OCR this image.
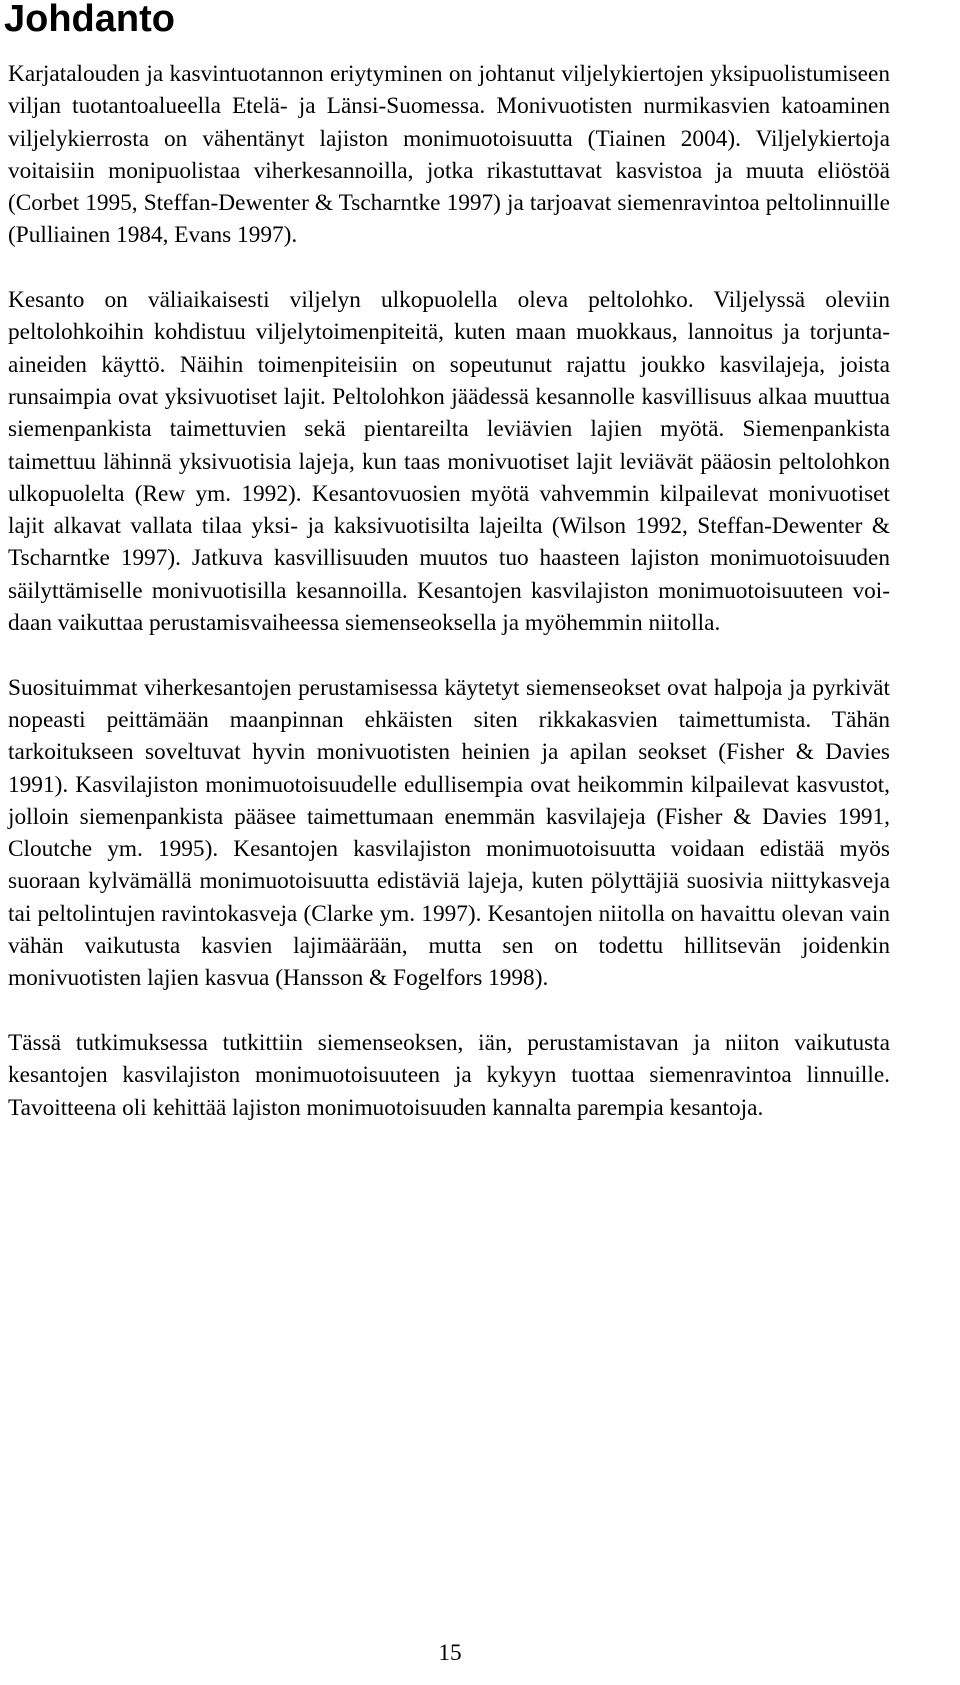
Johdanto

Karjatalouden ja kasvintuotannon eriytyminen on johtanut viljelykiertojen yksipuolistumiseen viljan tuotantoalueella Etelä- ja Länsi-Suomessa. Monivuotisten nurmikasvien katoaminen viljelykierrosta on vähentänyt lajiston monimuotoisuutta (Tiainen 2004). Viljelykiertoja voitaisiin monipuolistaa viherkesannoilla, jotka rikastuttavat kasvistoa ja muuta eliöstöä (Corbet 1995, Steffan-Dewenter & Tscharntke 1997) ja tarjoavat siemenravintoa peltolinnuille (Pulliainen 1984, Evans 1997).

Kesanto on väliaikaisesti viljelyn ulkopuolella oleva peltolohko. Viljelyssä oleviin peltolohkoihin kohdistuu viljelytoimenpiteitä, kuten maan muokkaus, lannoitus ja torjunta-aineiden käyttö. Näihin toimenpiteisiin on sopeutunut rajattu joukko kasvilajeja, joista runsaimpia ovat yksivuotiset lajit. Peltolohkon jäädessä kesannolle kasvillisuus alkaa muuttua siemenpankista taimettuvien sekä pientareilta leviävien lajien myötä. Siemenpankista taimettuu lähinnä yksivuotisia lajeja, kun taas monivuotiset lajit leviävät pääosin peltolohkon ulkopuolelta (Rew ym. 1992). Kesantovuosien myötä vahvemmin kilpailevat monivuotiset lajit alkavat vallata tilaa yksi- ja kaksivuotisilta lajeilta (Wilson 1992, Steffan-Dewenter & Tscharntke 1997). Jatkuva kasvillisuuden muutos tuo haasteen lajiston monimuotoisuuden säilyttämiselle monivuotisilla kesannoilla. Kesantojen kasvilajiston monimuotoisuuteen voidaan vaikuttaa perustamisvaiheessa siemenseoksella ja myöhemmin niitolla.

Suosituimmat viherkesantojen perustamisessa käytetyt siemenseokset ovat halpoja ja pyrkivät nopeasti peittämään maanpinnan ehkäisten siten rikkakasvien taimettumista. Tähän tarkoitukseen soveltuvat hyvin monivuotisten heinien ja apilan seokset (Fisher & Davies 1991). Kasvilajiston monimuotoisuudelle edullisempia ovat heikommin kilpailevat kasvustot, jolloin siemenpankista pääsee taimettumaan enemmän kasvilajeja (Fisher & Davies 1991, Cloutche ym. 1995). Kesantojen kasvilajiston monimuotoisuutta voidaan edistää myös suoraan kylvämällä monimuotoisuutta edistäviä lajeja, kuten pölyttäjiä suosivia niittykasveja tai peltolintujen ravintokasveja (Clarke ym. 1997). Kesantojen niitolla on havaittu olevan vain vähän vaikutusta kasvien lajimäärään, mutta sen on todettu hillitsevän joidenkin monivuotisten lajien kasvua (Hansson & Fogelfors 1998).

Tässä tutkimuksessa tutkittiin siemenseoksen, iän, perustamistavan ja niiton vaikutusta kesantojen kasvilajiston monimuotoisuuteen ja kykyyn tuottaa siemenravintoa linnuille. Tavoitteena oli kehittää lajiston monimuotoisuuden kannalta parempia kesantoja.

15
